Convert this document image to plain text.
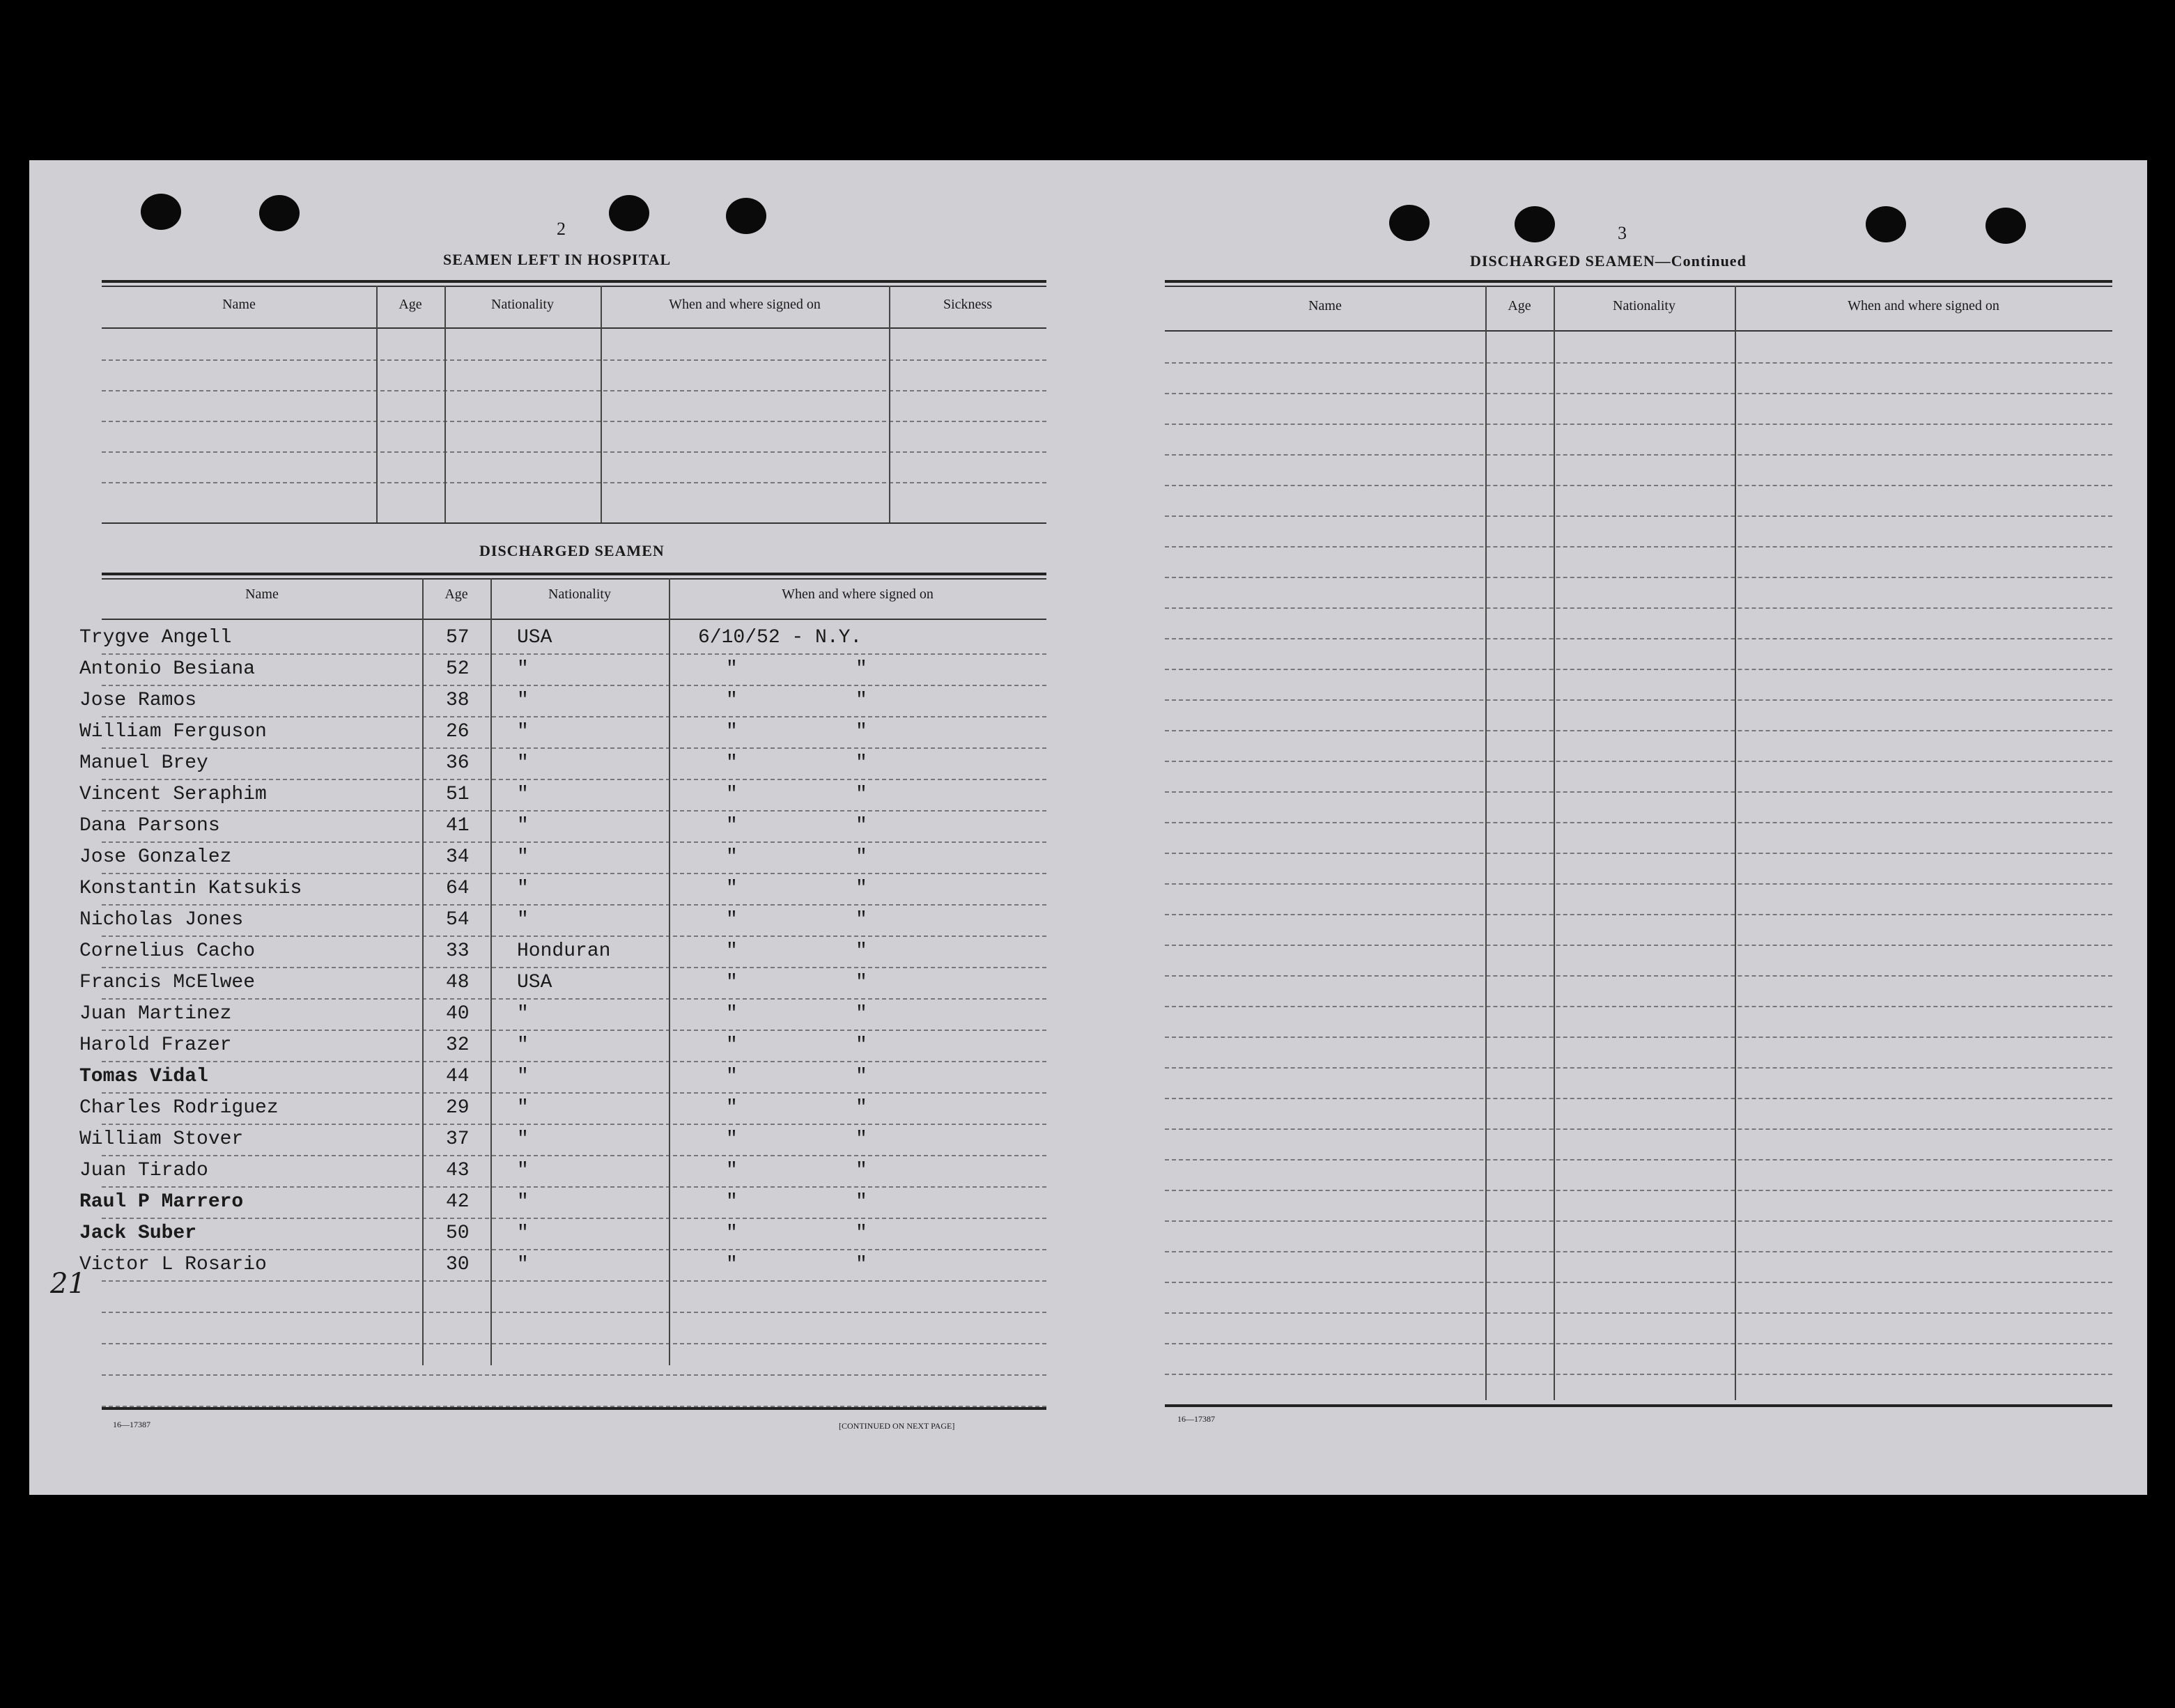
2
SEAMEN LEFT IN HOSPITAL
Name	Age	Nationality	When and where signed on	Sickness
DISCHARGED SEAMEN
Name	Age	Nationality	When and where signed on
Trygve Angell	57 USA	6/10/52 - N.Y.
Antonio Besiana	52 "	"	"
Jose Ramos	38 "	"	"
William Ferguson	26 "	"	"
Manuel Brey	36 "	"	"
Vincent Seraphim	51 "	"	"
Dana Parsons	41 "	"	"
Jose Gonzalez	34 "	"	"
Konstantin Katsukis	64 "	"	"
Nicholas Jones	54 "	"	"
Cornelius Cacho	33 Honduran	"	"
Francis McElwee	48 USA	"	"
Juan Martinez	40 "	"	"
Harold Frazer	32 "	"	"
Tomas Vidal	44 "	"	"
Charles Rodriguez	29 "	"	"
William Stover	37 "	"	"
Juan Tirado	43 "	"	"
Raul P Marrero	42 "	"	"
Jack Suber	50 "	"	"
Victor L Rosario	30 "	"	"
21
16—17387	[CONTINUED ON NEXT PAGE]
3
DISCHARGED SEAMEN—Continued
Name	Age	Nationality	When and where signed on
16—17387
